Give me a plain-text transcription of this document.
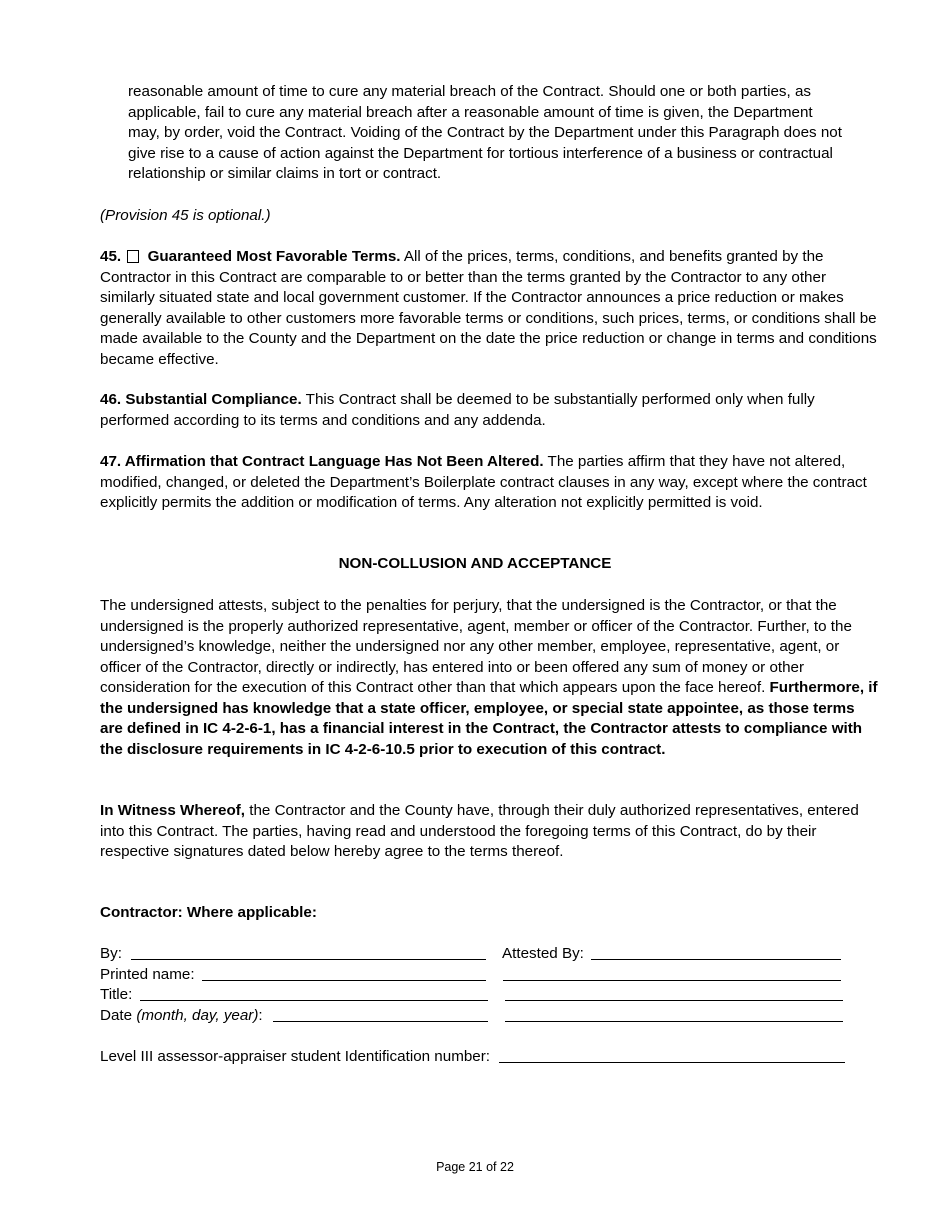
reasonable amount of time to cure any material breach of the Contract. Should one or both parties, as applicable, fail to cure any material breach after a reasonable amount of time is given, the Department may, by order, void the Contract. Voiding of the Contract by the Department under this Paragraph does not give rise to a cause of action against the Department for tortious interference of a business or contractual relationship or similar claims in tort or contract.

(Provision 45 is optional.)

45. Guaranteed Most Favorable Terms. All of the prices, terms, conditions, and benefits granted by the Contractor in this Contract are comparable to or better than the terms granted by the Contractor to any other similarly situated state and local government customer. If the Contractor announces a price reduction or makes generally available to other customers more favorable terms or conditions, such prices, terms, or conditions shall be made available to the County and the Department on the date the price reduction or change in terms and conditions became effective.

46. Substantial Compliance. This Contract shall be deemed to be substantially performed only when fully performed according to its terms and conditions and any addenda.

47. Affirmation that Contract Language Has Not Been Altered. The parties affirm that they have not altered, modified, changed, or deleted the Department’s Boilerplate contract clauses in any way, except where the contract explicitly permits the addition or modification of terms. Any alteration not explicitly permitted is void.

NON-COLLUSION AND ACCEPTANCE

The undersigned attests, subject to the penalties for perjury, that the undersigned is the Contractor, or that the undersigned is the properly authorized representative, agent, member or officer of the Contractor. Further, to the undersigned’s knowledge, neither the undersigned nor any other member, employee, representative, agent, or officer of the Contractor, directly or indirectly, has entered into or been offered any sum of money or other consideration for the execution of this Contract other than that which appears upon the face hereof. Furthermore, if the undersigned has knowledge that a state officer, employee, or special state appointee, as those terms are defined in IC 4-2-6-1, has a financial interest in the Contract, the Contractor attests to compliance with the disclosure requirements in IC 4-2-6-10.5 prior to execution of this contract.

In Witness Whereof, the Contractor and the County have, through their duly authorized representatives, entered into this Contract. The parties, having read and understood the foregoing terms of this Contract, do by their respective signatures dated below hereby agree to the terms thereof.

Contractor: Where applicable:

By:	Attested By:
Printed name:
Title:
Date (month, day, year):
Level III assessor-appraiser student Identification number:
Page 21 of 22
